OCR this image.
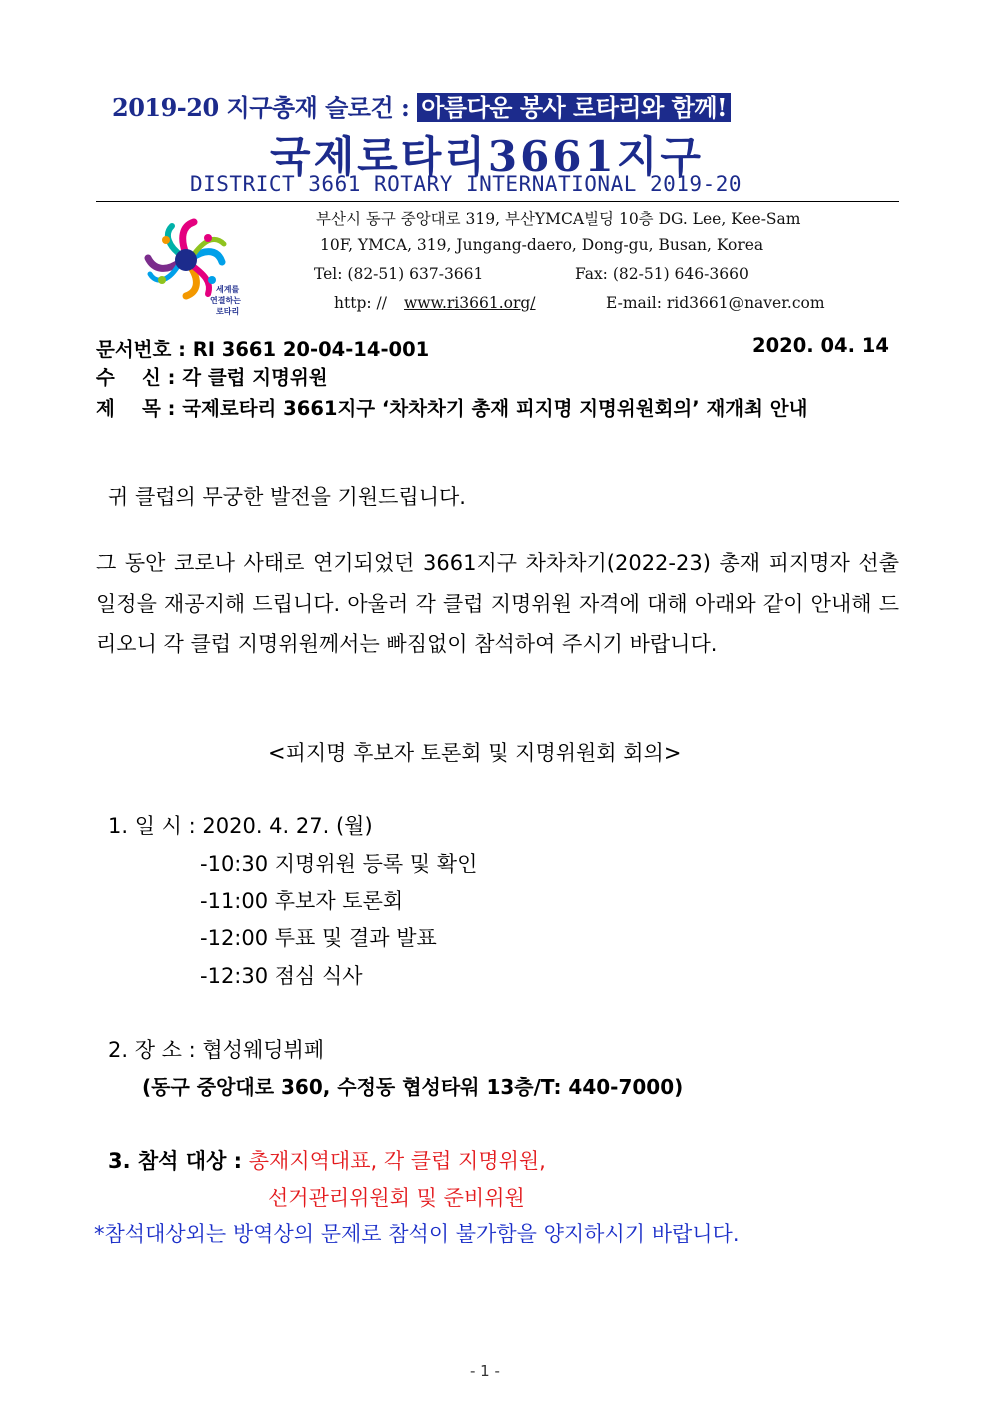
2019-20 지구총재 슬로건 : 아름다운 봉사 로타리와 함께!
국제로타리3661지구
DISTRICT 3661 ROTARY INTERNATIONAL 2019-20
세계를
연결하는
로타리
부산시 동구 중앙대로 319, 부산YMCA빌딩 10층 DG. Lee, Kee-Sam
10F, YMCA, 319, Jungang-daero, Dong-gu, Busan, Korea
Tel: (82-51) 637-3661	Fax: (82-51) 646-3660
http: // www.ri3661.org/	E-mail: rid3661@naver.com
문서번호 : RI 3661 20-04-14-001	2020. 04. 14
수    신 : 각 클럽 지명위원
제    목 : 국제로타리 3661지구 ‘차차차기 총재 피지명 지명위원회의’ 재개최 안내
귀 클럽의 무궁한 발전을 기원드립니다.
그 동안 코로나 사태로 연기되었던 3661지구 차차차기(2022-23) 총재 피지명자 선출 일정을 재공지해 드립니다. 아울러 각 클럽 지명위원 자격에 대해 아래와 같이 안내해 드리오니 각 클럽 지명위원께서는 빠짐없이 참석하여 주시기 바랍니다.
<피지명 후보자 토론회 및 지명위원회 회의>
1. 일 시 : 2020. 4. 27. (월)
-10:30 지명위원 등록 및 확인
-11:00 후보자 토론회
-12:00 투표 및 결과 발표
-12:30 점심 식사
2. 장 소 : 협성웨딩뷔페
(동구 중앙대로 360, 수정동 협성타워 13층/T: 440-7000)
3. 참석 대상 : 총재지역대표, 각 클럽 지명위원,
선거관리위원회 및 준비위원
*참석대상외는 방역상의 문제로 참석이 불가함을 양지하시기 바랍니다.
- 1 -
